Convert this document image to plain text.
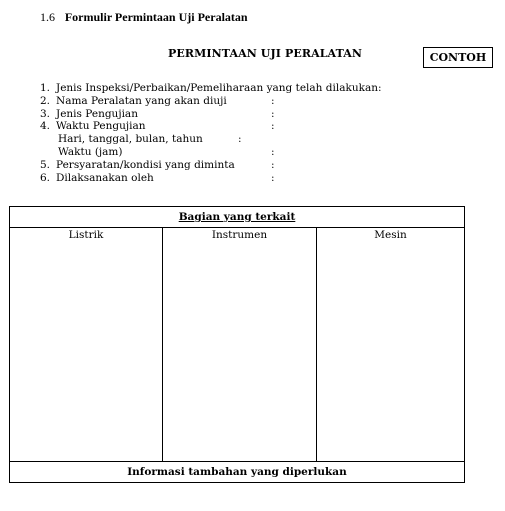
1.6 Formulir Permintaan Uji Peralatan
PERMINTAAN UJI PERALATAN	CONTOH
1. Jenis Inspeksi/Perbaikan/Pemeliharaan yang telah dilakukan:
2. Nama Peralatan yang akan diuji	:
3. Jenis Pengujian	:
4. Waktu Pengujian	:
Hari, tanggal, bulan, tahun	:
Waktu (jam)	:
5. Persyaratan/kondisi yang diminta	:
6. Dilaksanakan oleh	:
Bagian yang terkait
Listrik	Instrumen	Mesin
Informasi tambahan yang diperlukan
